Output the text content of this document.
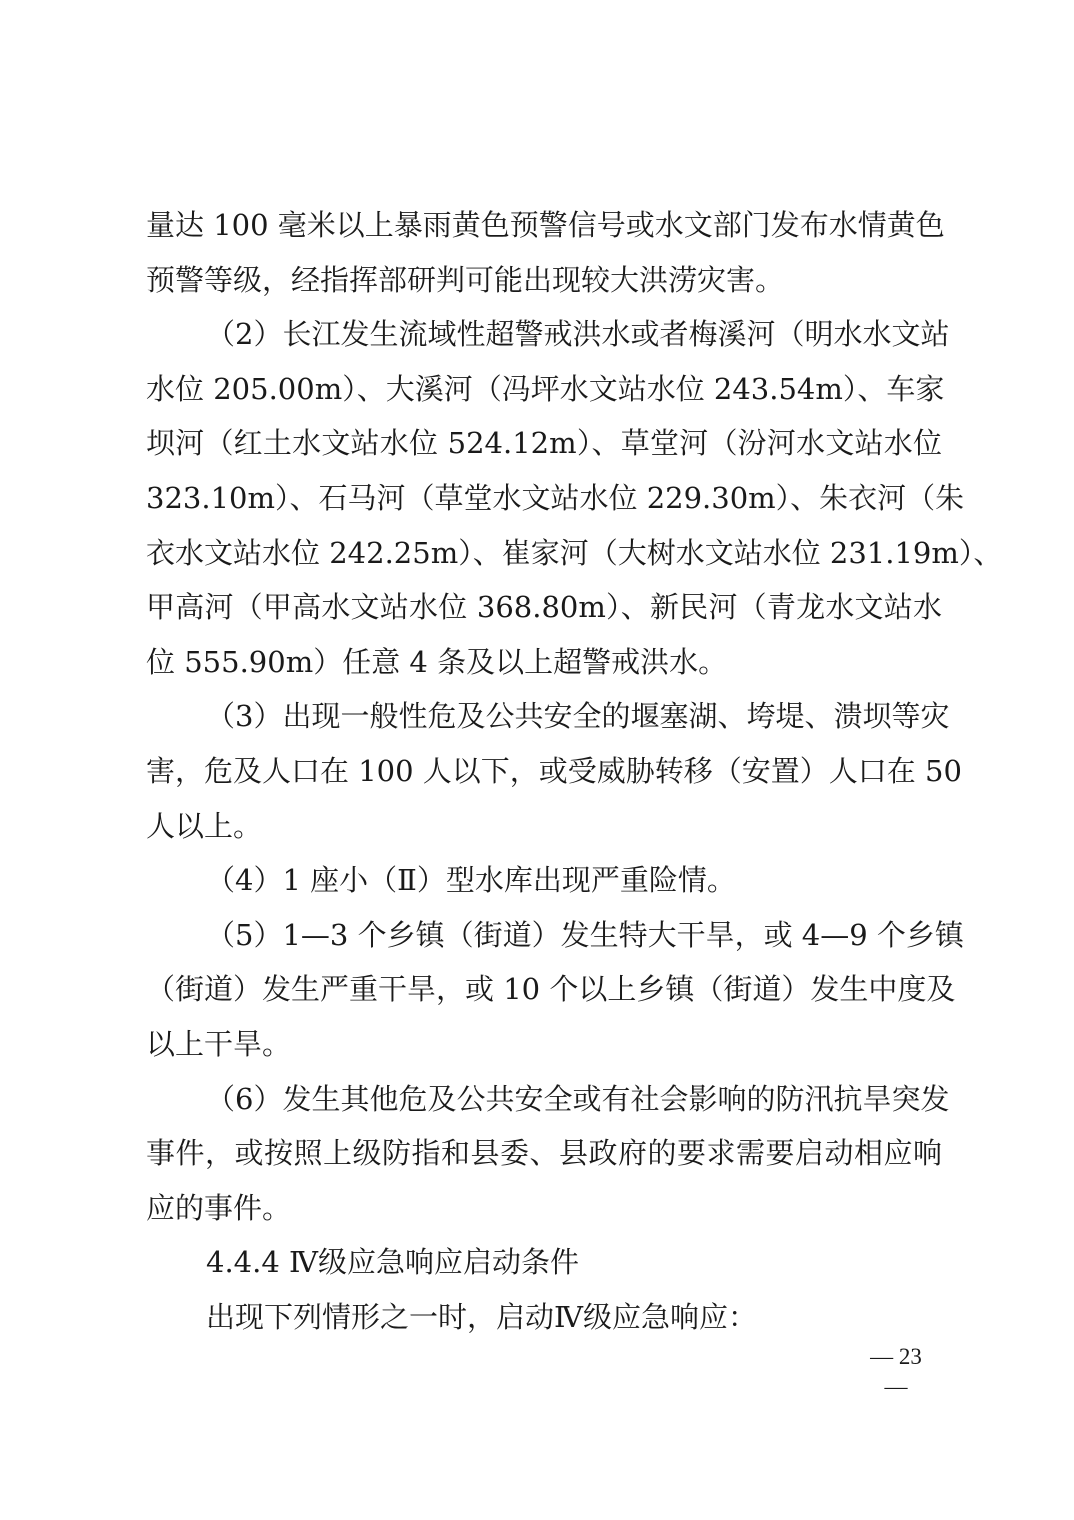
量达 100 毫米以上暴雨黄色预警信号或水文部门发布水情黄色
预警等级，经指挥部研判可能出现较大洪涝灾害。
（2）长江发生流域性超警戒洪水或者梅溪河（明水水文站
水位 205.00m）、大溪河（冯坪水文站水位 243.54m）、车家
坝河（红土水文站水位 524.12m）、草堂河（汾河水文站水位
323.10m）、石马河（草堂水文站水位 229.30m）、朱衣河（朱
衣水文站水位 242.25m）、崔家河（大树水文站水位 231.19m）、
甲高河（甲高水文站水位 368.80m）、新民河（青龙水文站水
位 555.90m）任意 4 条及以上超警戒洪水。
（3）出现一般性危及公共安全的堰塞湖、垮堤、溃坝等灾
害，危及人口在 100 人以下，或受威胁转移（安置）人口在 50
人以上。
（4）1 座小（Ⅱ）型水库出现严重险情。
（5）1—3 个乡镇（街道）发生特大干旱，或 4—9 个乡镇
（街道）发生严重干旱，或 10 个以上乡镇（街道）发生中度及
以上干旱。
（6）发生其他危及公共安全或有社会影响的防汛抗旱突发
事件，或按照上级防指和县委、县政府的要求需要启动相应响
应的事件。
4.4.4 Ⅳ级应急响应启动条件
出现下列情形之一时，启动Ⅳ级应急响应：
— 23 —
